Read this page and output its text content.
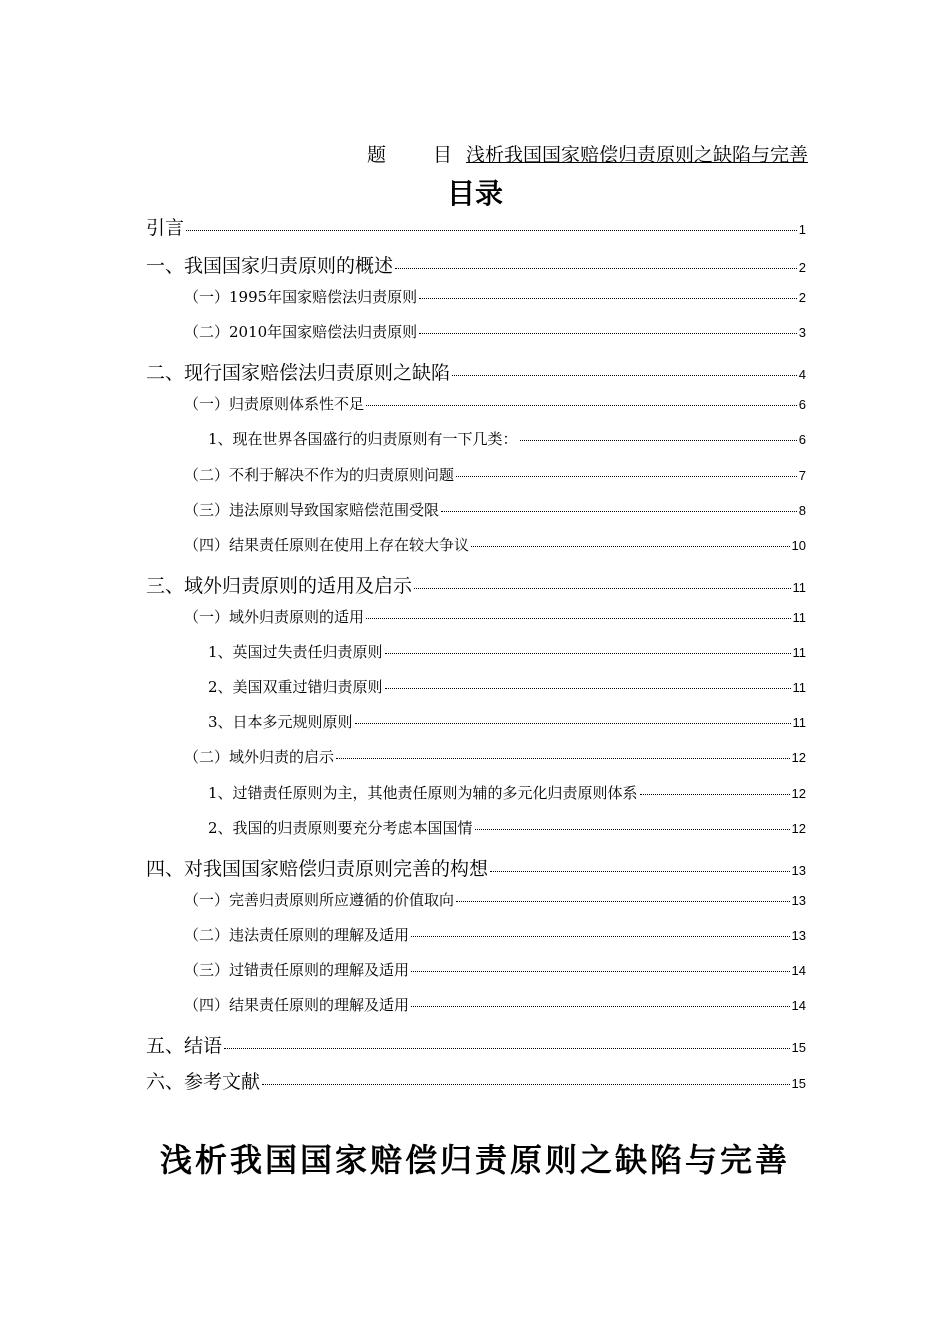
题　目浅析我国国家赔偿归责原则之缺陷与完善
目录
引言	1
一、我国国家归责原则的概述	2
（一）1995年国家赔偿法归责原则	2
（二）2010年国家赔偿法归责原则	3
二、现行国家赔偿法归责原则之缺陷	4
（一）归责原则体系性不足	6
1、现在世界各国盛行的归责原则有一下几类：	6
（二）不利于解决不作为的归责原则问题	7
（三）违法原则导致国家赔偿范围受限	8
（四）结果责任原则在使用上存在较大争议	10
三、域外归责原则的适用及启示	11
（一）域外归责原则的适用	11
1、英国过失责任归责原则	11
2、美国双重过错归责原则	11
3、日本多元规则原则	11
（二）域外归责的启示	12
1、过错责任原则为主，其他责任原则为辅的多元化归责原则体系	12
2、我国的归责原则要充分考虑本国国情	12
四、对我国国家赔偿归责原则完善的构想	13
（一）完善归责原则所应遵循的价值取向	13
（二）违法责任原则的理解及适用	13
（三）过错责任原则的理解及适用	14
（四）结果责任原则的理解及适用	14
五、结语	15
六、参考文献	15
浅析我国国家赔偿归责原则之缺陷与完善
